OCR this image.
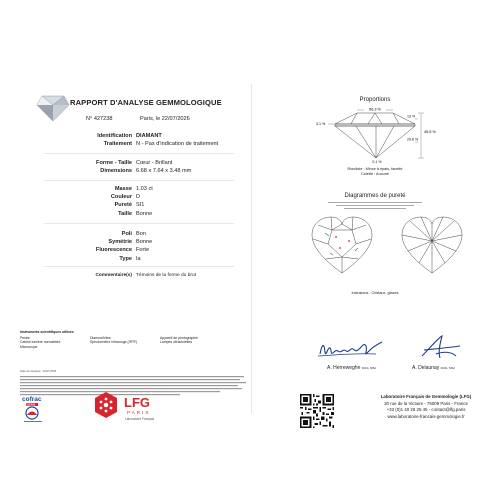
RAPPORT D'ANALYSE GEMMOLOGIQUE
N° 427238	Paris, le 22/07/2026
Identification DIAMANT
Traitement N - Pas d'indication de traitement
Forme - Taille Cœur - Brillant
Dimensions 6.68 x 7.64 x 3.48 mm
Masse 1.03 ct
Couleur D
Pureté SI1
Taille Bonne
Poli Bon
Symétrie Bonne
Fluorescence Forte
Type Ia
Commentaire(s) Témoins de la forme du brut
Instruments scientifiques utilisés
Pesée	DiamondView	Appareil de photographie
Cabine lumière normalisée	Spectromètre infrarouge (IRTF)	Lampes ultraviolettes
Microscope
Date de l'analyse : 20/07/2026
cofrac
ESSAIS	LFG
PARIS
Laboratoire Français
Proportions
56.3 %
13 %
29.6 %
45.5 %
3.1 %
0.1 %
Rondiste : Mince à épais, facetté
Colette : Aucune
Diagrammes de pureté
Inclusions : Cristaux, glaces
A. Herreweghe DUG, MSc	A. Delaunay DUG, MSc
Laboratoire Français de Gemmologie (LFG)
30 rue de la Victoire - 75009 Paris - France
+33 (0)1 40 26 25 45 - contact@lfg.paris
www.laboratoire-francais-gemmologie.fr
